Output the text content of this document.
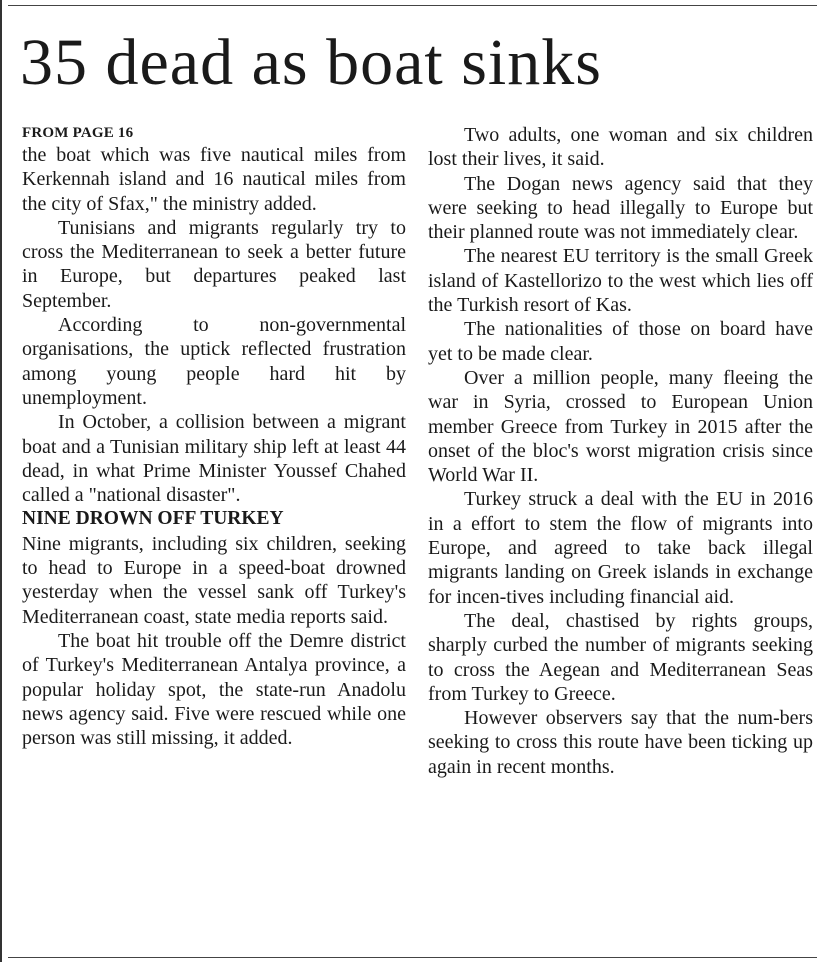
35 dead as boat sinks
FROM PAGE 16

the boat which was five nautical miles from Kerkennah island and 16 nautical miles from the city of Sfax," the ministry added.

Tunisians and migrants regularly try to cross the Mediterranean to seek a better future in Europe, but departures peaked last September.

According to non-governmental organisations, the uptick reflected frustration among young people hard hit by unemployment.

In October, a collision between a migrant boat and a Tunisian military ship left at least 44 dead, in what Prime Minister Youssef Chahed called a "national disaster".

NINE DROWN OFF TURKEY

Nine migrants, including six children, seeking to head to Europe in a speed-boat drowned yesterday when the vessel sank off Turkey's Mediterranean coast, state media reports said.

The boat hit trouble off the Demre district of Turkey's Mediterranean Antalya province, a popular holiday spot, the state-run Anadolu news agency said. Five were rescued while one person was still missing, it added.

Two adults, one woman and six children lost their lives, it said.

The Dogan news agency said that they were seeking to head illegally to Europe but their planned route was not immediately clear.

The nearest EU territory is the small Greek island of Kastellorizo to the west which lies off the Turkish resort of Kas.

The nationalities of those on board have yet to be made clear.

Over a million people, many fleeing the war in Syria, crossed to European Union member Greece from Turkey in 2015 after the onset of the bloc's worst migration crisis since World War II.

Turkey struck a deal with the EU in 2016 in a effort to stem the flow of migrants into Europe, and agreed to take back illegal migrants landing on Greek islands in exchange for incen-tives including financial aid.

The deal, chastised by rights groups, sharply curbed the number of migrants seeking to cross the Aegean and Mediterranean Seas from Turkey to Greece.

However observers say that the num-bers seeking to cross this route have been ticking up again in recent months.
